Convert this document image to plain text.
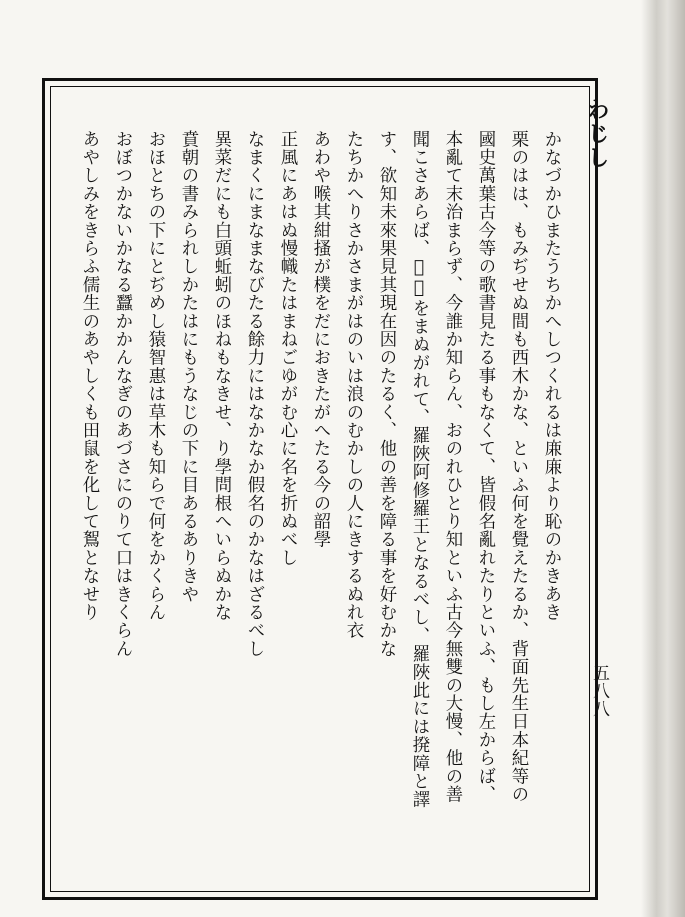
わじし
五八八
かなづかひまたうちかへしつくれるは𢈘𢈘より恥のかきあき
栗のはは、もみぢせぬ間も西木かな、といふ何を覺えたるか、背面先生日本紀等の
國史萬葉古今等の歌書見たる事もなくて、皆假名亂れたりといふ、もし左からば、
本亂て末治まらず、今誰か知らん、おのれひとり知といふ古今無雙の大慢、他の善
聞こさあらば、𡉀獄をまぬがれて、羅陜阿修羅王となるべし、羅陜此には𫝼障と譯
す、欲知未來果見其現在因のたるく、他の善を障る事を好むかな
たちかへりさかさまがはのいは浪のむかしの人にきするぬれ衣
あわや喉其紺搔が樸をだにおきたがへたる今の韶學
正風にあはぬ慢幟たはまねごゆがむ心に名を折ぬべし
なまくにまなまなびたる餘力にはなかなか假名のかなはざるべし
異菜だにも白頭蚯蚓のほねもなきせ、り學問根へいらぬかな
賁朝の書みられしかたはにもうなじの下に目あるありきや
おほとちの下にとぢめし猿智惠は草木も知らで何をかくらん
おぼつかないかなる蠶かかんなぎのあづさにのりて口はきくらん
あやしみをきらふ儒生のあやしくも田鼠を化して鴽となせり
